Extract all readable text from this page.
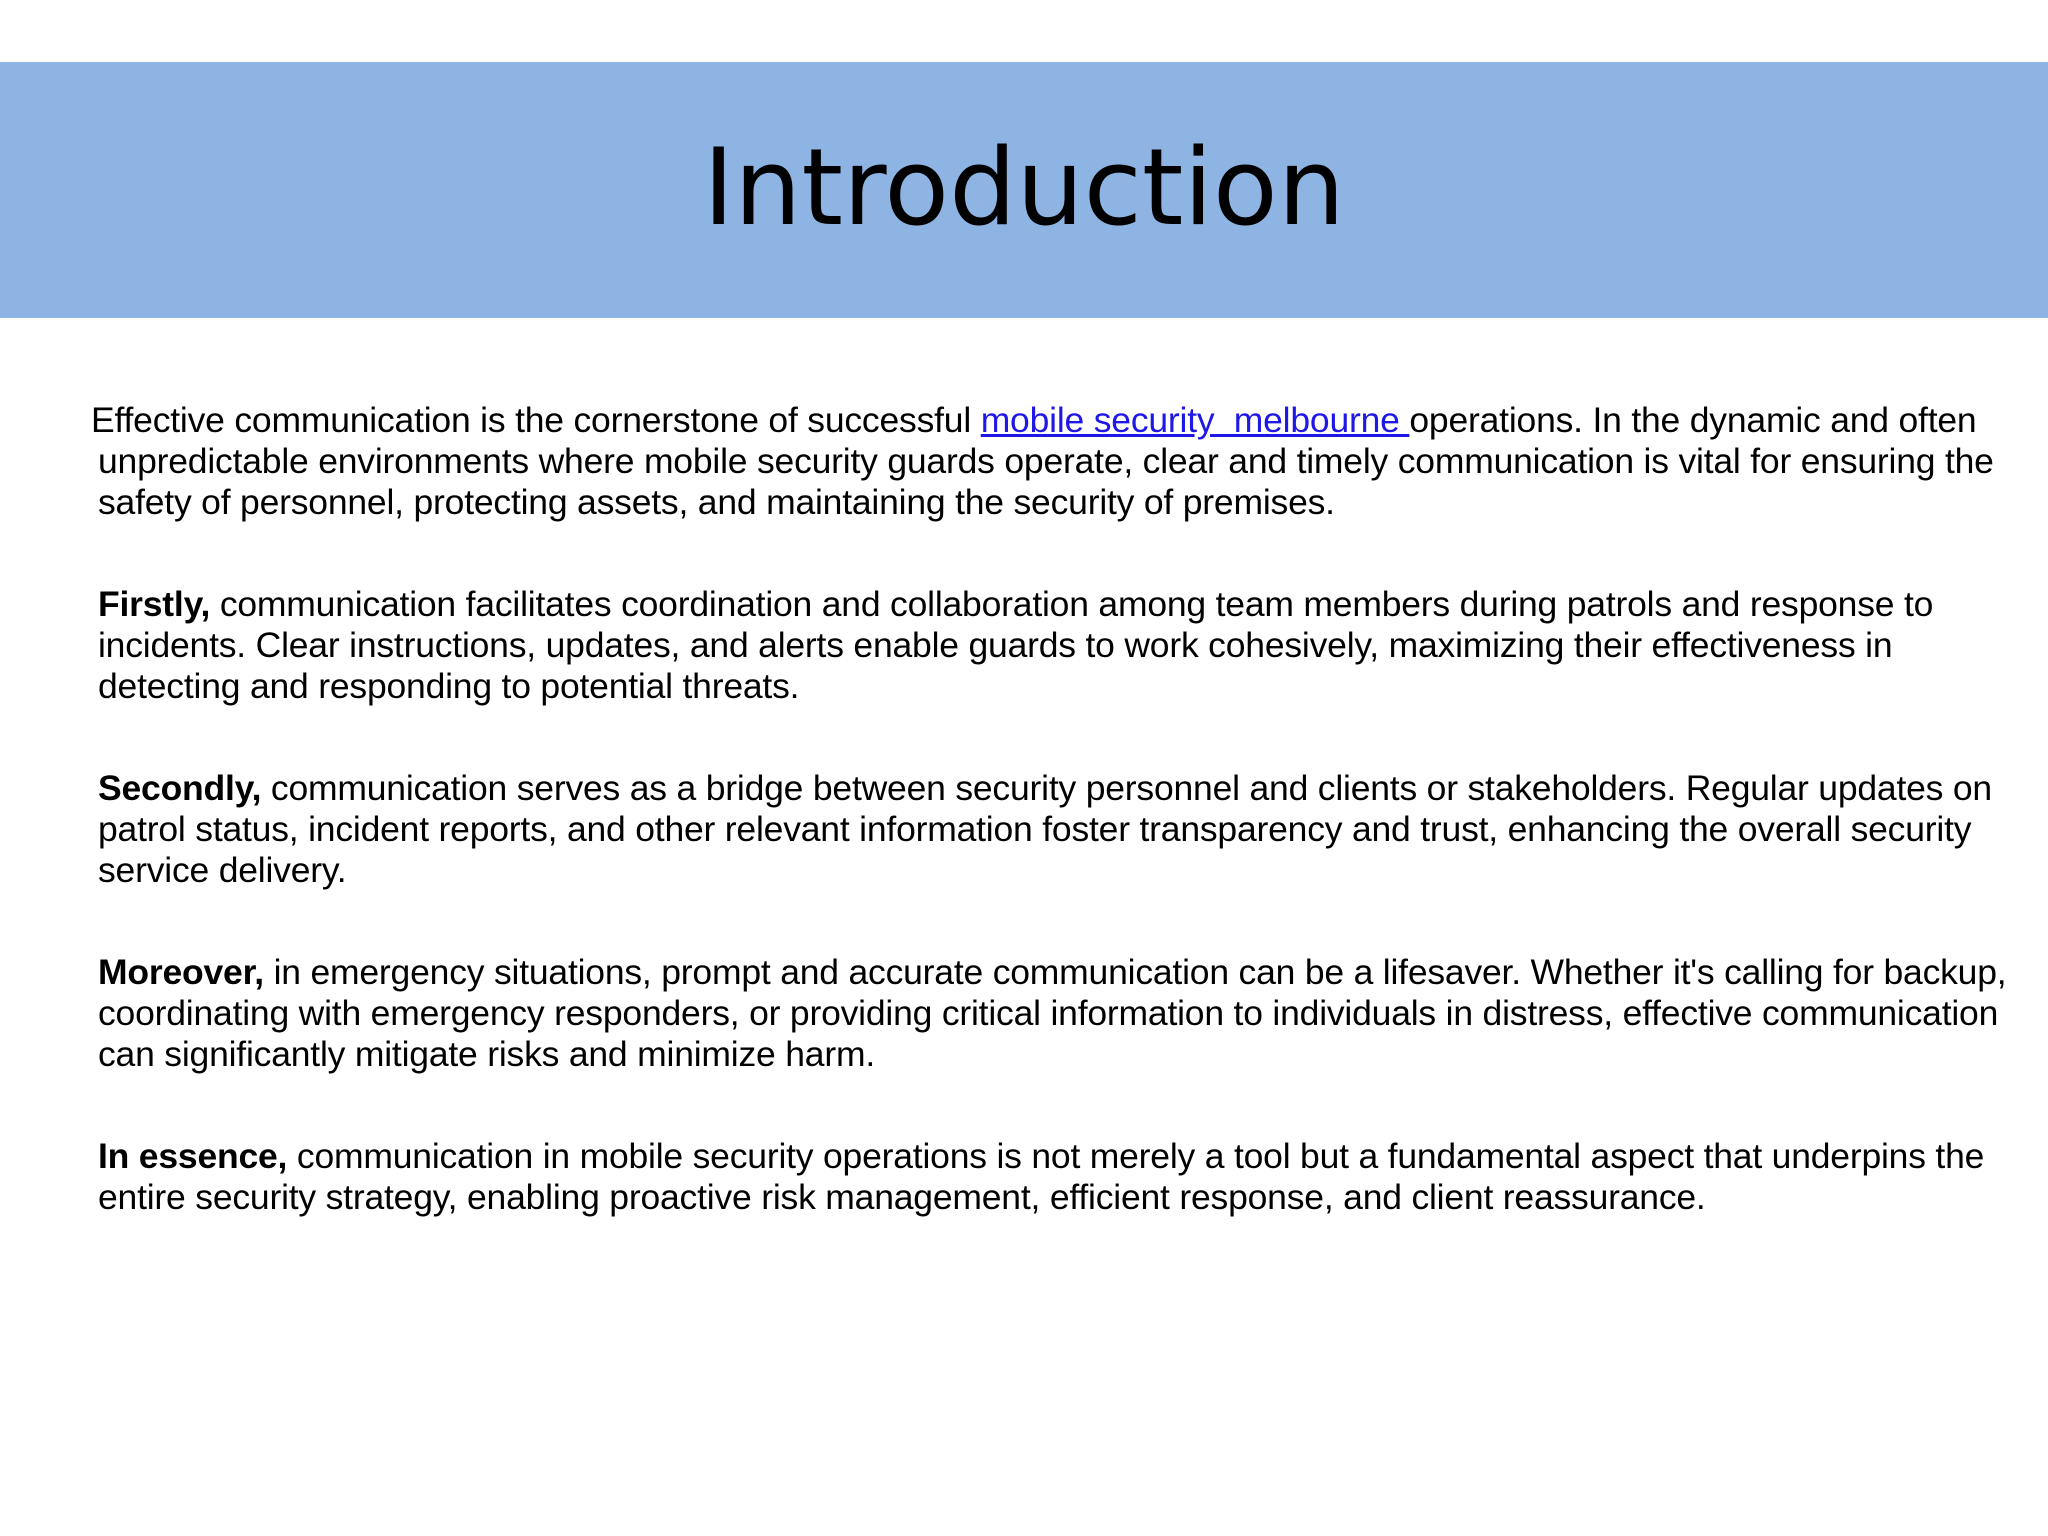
Introduction

Effective communication is the cornerstone of successful mobile security  melbourne operations. In the dynamic and often unpredictable environments where mobile security guards operate, clear and timely communication is vital for ensuring the safety of personnel, protecting assets, and maintaining the security of premises.

Firstly, communication facilitates coordination and collaboration among team members during patrols and response to incidents. Clear instructions, updates, and alerts enable guards to work cohesively, maximizing their effectiveness in detecting and responding to potential threats.

Secondly, communication serves as a bridge between security personnel and clients or stakeholders. Regular updates on patrol status, incident reports, and other relevant information foster transparency and trust, enhancing the overall security service delivery.

Moreover, in emergency situations, prompt and accurate communication can be a lifesaver. Whether it's calling for backup, coordinating with emergency responders, or providing critical information to individuals in distress, effective communication can significantly mitigate risks and minimize harm.

In essence, communication in mobile security operations is not merely a tool but a fundamental aspect that underpins the entire security strategy, enabling proactive risk management, efficient response, and client reassurance.
